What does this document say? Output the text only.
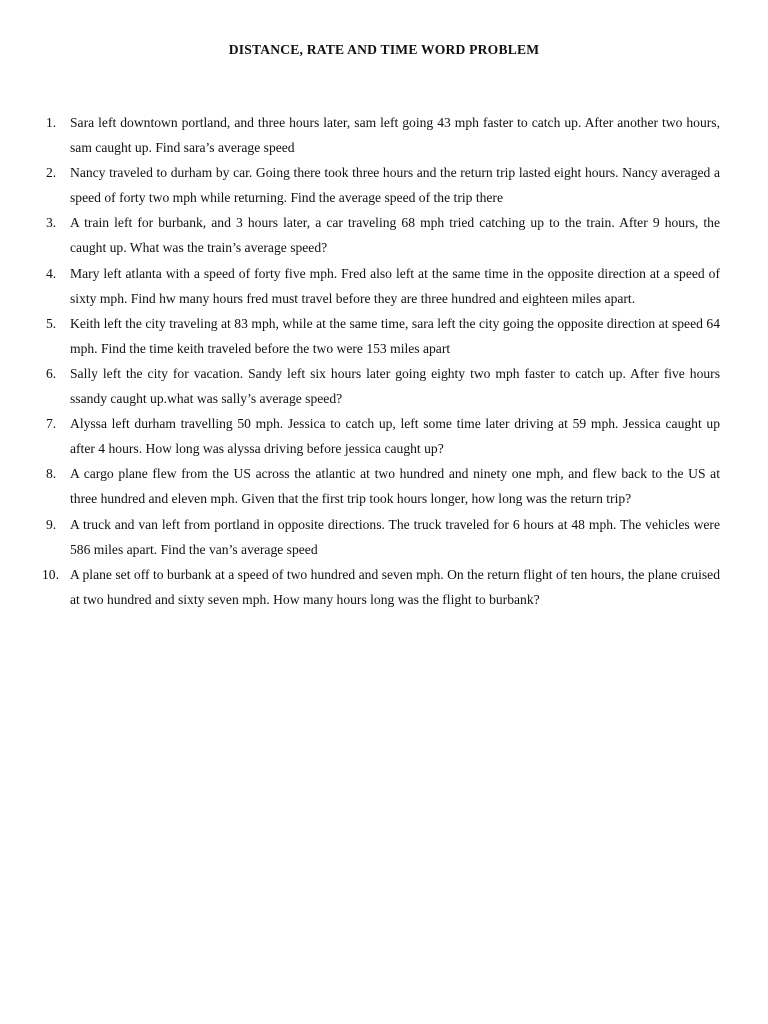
DISTANCE, RATE AND TIME WORD PROBLEM
1. Sara left downtown portland, and three hours later, sam left going 43 mph faster to catch up. After another two hours, sam caught up. Find sara’s average speed
2. Nancy traveled to durham by car. Going there took three hours and the return trip lasted eight hours. Nancy averaged a speed of forty two mph while returning. Find the average speed of the trip there
3. A train left for burbank, and 3 hours later, a car traveling 68 mph tried catching up to the train. After 9 hours, the caught up. What was the train’s average speed?
4. Mary left atlanta with a speed of forty five mph. Fred also left at the same time in the opposite direction at a speed of sixty mph. Find hw many hours fred must travel before they are three hundred and eighteen miles apart.
5. Keith left the city traveling at 83 mph, while at the same time, sara left the city going the opposite direction at speed 64 mph. Find the time keith traveled before the two were 153 miles apart
6. Sally left the city for vacation. Sandy left six hours later going eighty two mph faster to catch up. After five hours ssandy caught up.what was sally’s average speed?
7. Alyssa left durham travelling 50 mph. Jessica to catch up, left some time later driving at 59 mph. Jessica caught up after 4 hours. How long was alyssa driving before jessica caught up?
8. A cargo plane flew from the US across the atlantic at two hundred and ninety one mph, and flew back to the US at three hundred and eleven mph. Given that the first trip took hours longer, how long was the return trip?
9. A truck and van left from portland in opposite directions. The truck traveled for 6 hours at 48 mph. The vehicles were 586 miles apart. Find the van’s average speed
10. A plane set off to burbank at a speed of two hundred and seven mph. On the return flight of ten hours, the plane cruised at two hundred and sixty seven mph. How many hours long was the flight to burbank?
